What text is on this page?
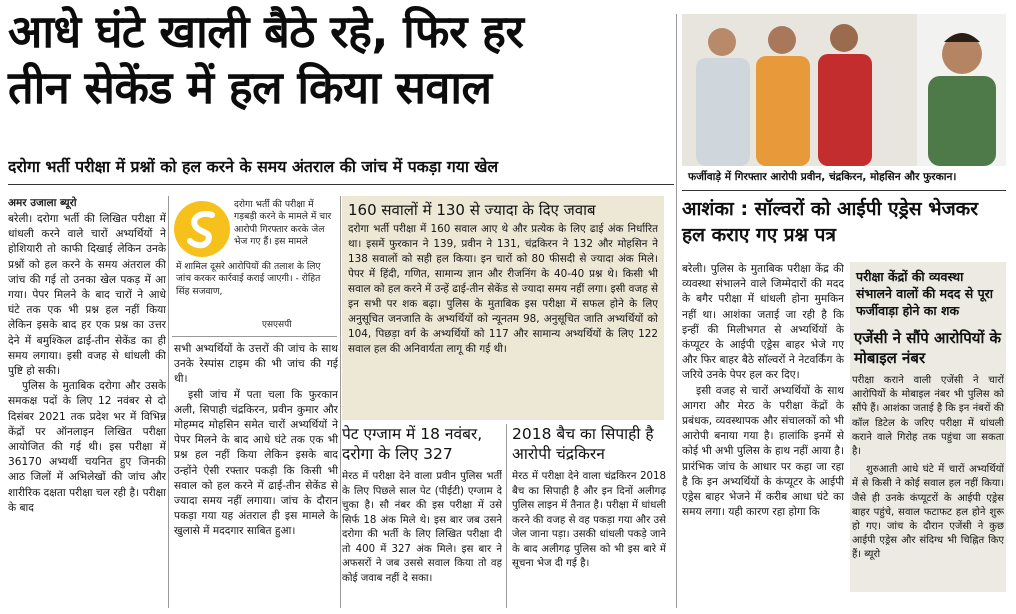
आधे घंटे खाली बैठे रहे, फिर हर
तीन सेकेंड में हल किया सवाल
दरोगा भर्ती परीक्षा में प्रश्नों को हल करने के समय अंतराल की जांच में पकड़ा गया खेल
अमर उजाला ब्यूरो

बरेली। दरोगा भर्ती की लिखित परीक्षा में धांधली करने वाले चारों अभ्यर्थियों ने होशियारी तो काफी दिखाई लेकिन उनके प्रश्नों को हल करने के समय अंतराल की जांच की गई तो उनका खेल पकड़ में आ गया। पेपर मिलने के बाद चारों ने आधे घंटे तक एक भी प्रश्न हल नहीं किया लेकिन इसके बाद हर एक प्रश्न का उत्तर देने में बमुश्किल ढाई-तीन सेकेंड का ही समय लगाया। इसी वजह से धांधली की पुष्टि हो सकी।

पुलिस के मुताबिक दरोगा और उसके समकक्ष पदों के लिए 12 नवंबर से दो दिसंबर 2021 तक प्रदेश भर में विभिन्न केंद्रों पर ऑनलाइन लिखित परीक्षा आयोजित की गई थी। इस परीक्षा में 36170 अभ्यर्थी चयनित हुए जिनकी आठ जिलों में अभिलेखों की जांच और शारीरिक दक्षता परीक्षा चल रही है। परीक्षा के बाद

दरोगा भर्ती की परीक्षा में गड़बड़ी करने के मामले में चार आरोपी गिरफ्तार करके जेल भेज गए हैं। इस मामले
में शामिल दूसरे आरोपियों की तलाश के लिए जांच करकर कार्रवाई कराई जाएगी। - रोहित सिंह सजवाण,
एसएसपी

सभी अभ्यर्थियों के उत्तरों की जांच के साथ उनके रेस्पांस टाइम की भी जांच की गई थी।

इसी जांच में पता चला कि फुरकान अली, सिपाही चंद्रकिरन, प्रवीन कुमार और मोहम्मद मोहसिन समेत चारों अभ्यर्थियों ने पेपर मिलने के बाद आधे घंटे तक एक भी प्रश्न हल नहीं किया लेकिन इसके बाद उन्होंने ऐसी रफ्तार पकड़ी कि किसी भी सवाल को हल करने में ढाई-तीन सेकेंड से ज्यादा समय नहीं लगाया। जांच के दौरान पकड़ा गया यह अंतराल ही इस मामले के खुलासे में मददगार साबित हुआ।

160 सवालों में 130 से ज्यादा के दिए जवाब
दरोगा भर्ती परीक्षा में 160 सवाल आए थे और प्रत्येक के लिए ढाई अंक निर्धारित था। इसमें फुरकान ने 139, प्रवीन ने 131, चंद्रकिरन ने 132 और मोहसिन ने 138 सवालों को सही हल किया। इन चारों को 80 फीसदी से ज्यादा अंक मिले। पेपर में हिंदी, गणित, सामान्य ज्ञान और रीजनिंग के 40-40 प्रश्न थे। किसी भी सवाल को हल करने में उन्हें ढाई-तीन सेकेंड से ज्यादा समय नहीं लगा। इसी वजह से इन सभी पर शक बढ़ा। पुलिस के मुताबिक इस परीक्षा में सफल होने के लिए अनुसूचित जनजाति के अभ्यर्थियों को न्यूनतम 98, अनुसूचित जाति अभ्यर्थियों को 104, पिछड़ा वर्ग के अभ्यर्थियों को 117 और सामान्य अभ्यर्थियों के लिए 122 सवाल हल की अनिवार्यता लागू की गई थी।
पेट एग्जाम में 18 नवंबर, दरोगा के लिए 327
मेरठ में परीक्षा देने वाला प्रवीन पुलिस भर्ती के लिए पिछले साल पेट (पीईटी) एग्जाम दे चुका है। सौ नंबर की इस परीक्षा में उसे सिर्फ 18 अंक मिले थे। इस बार जब उसने दरोगा की भर्ती के लिए लिखित परीक्षा दी तो 400 में 327 अंक मिले। इस बार ने अफसरों ने जब उससे सवाल किया तो वह कोई जवाब नहीं दे सका।
2018 बैच का सिपाही है आरोपी चंद्रकिरन
मेरठ में परीक्षा देने वाला चंद्रकिरन 2018 बैच का सिपाही है और इन दिनों अलीगढ़ पुलिस लाइन में तैनात है। परीक्षा में धांधली करने की वजह से वह पकड़ा गया और उसे जेल जाना पड़ा। उसकी धांधली पकड़े जाने के बाद अलीगढ़ पुलिस को भी इस बारे में सूचना भेज दी गई है।
फर्जीवाड़े में गिरफ्तार आरोपी प्रवीन, चंद्रकिरन, मोहसिन और फुरकान।
आशंका : सॉल्वरों को आईपी एड्रेस भेजकर हल कराए गए प्रश्न पत्र

बरेली। पुलिस के मुताबिक परीक्षा केंद्र की व्यवस्था संभालने वाले जिम्मेदारों की मदद के बगैर परीक्षा में धांधली होना मुमकिन नहीं था। आशंका जताई जा रही है कि इन्हीं की मिलीभगत से अभ्यर्थियों के कंप्यूटर के आईपी एड्रेस बाहर भेजे गए और फिर बाहर बैठे सॉल्वरों ने नेटवर्किंग के जरिये उनके पेपर हल कर दिए।

इसी वजह से चारों अभ्यर्थियों के साथ आगरा और मेरठ के परीक्षा केंद्रों के प्रबंधक, व्यवस्थापक और संचालकों को भी आरोपी बनाया गया है। हालांकि इनमें से कोई भी अभी पुलिस के हाथ नहीं आया है। प्रारंभिक जांच के आधार पर कहा जा रहा है कि इन अभ्यर्थियों के कंप्यूटर के आईपी एड्रेस बाहर भेजने में करीब आधा घंटे का समय लगा। यही कारण रहा होगा कि

परीक्षा केंद्रों की व्यवस्था संभालने वालों की मदद से पूरा फर्जीवाड़ा होने का शक
एजेंसी ने सौंपे आरोपियों के मोबाइल नंबर

परीक्षा कराने वाली एजेंसी ने चारों आरोपियों के मोबाइल नंबर भी पुलिस को सौंपे हैं। आशंका जताई है कि इन नंबरों की कॉल डिटेल के जरिए परीक्षा में धांधली कराने वाले गिरोह तक पहुंचा जा सकता है।

शुरुआती आधे घंटे में चारों अभ्यर्थियों में से किसी ने कोई सवाल हल नहीं किया। जैसे ही उनके कंप्यूटरों के आईपी एड्रेस बाहर पहुंचे, सवाल फटाफट हल होने शुरू हो गए। जांच के दौरान एजेंसी ने कुछ आईपी एड्रेस और संदिग्ध भी चिह्नित किए हैं। ब्यूरो
